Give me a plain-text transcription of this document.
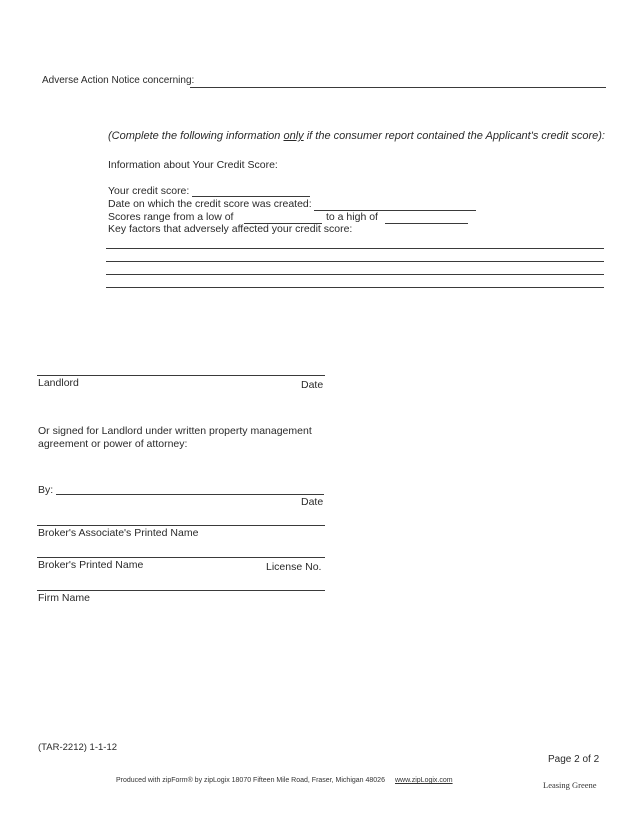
Adverse Action Notice concerning:
(Complete the following information only if the consumer report contained the Applicant's credit score):
Information about Your Credit Score:
Your credit score:
Date on which the credit score was created:
Scores range from a low of	to a high of
Key factors that adversely affected your credit score:
Landlord	Date
Or signed for Landlord under written property management
agreement or power of attorney:
By:
Date
Broker's Associate's Printed Name
Broker's Printed Name	License No.
Firm Name
(TAR-2212) 1-1-12
Page 2 of 2
Produced with zipForm® by zipLogix 18070 Fifteen Mile Road, Fraser, Michigan 48026 www.zipLogix.com	Leasing Greene
